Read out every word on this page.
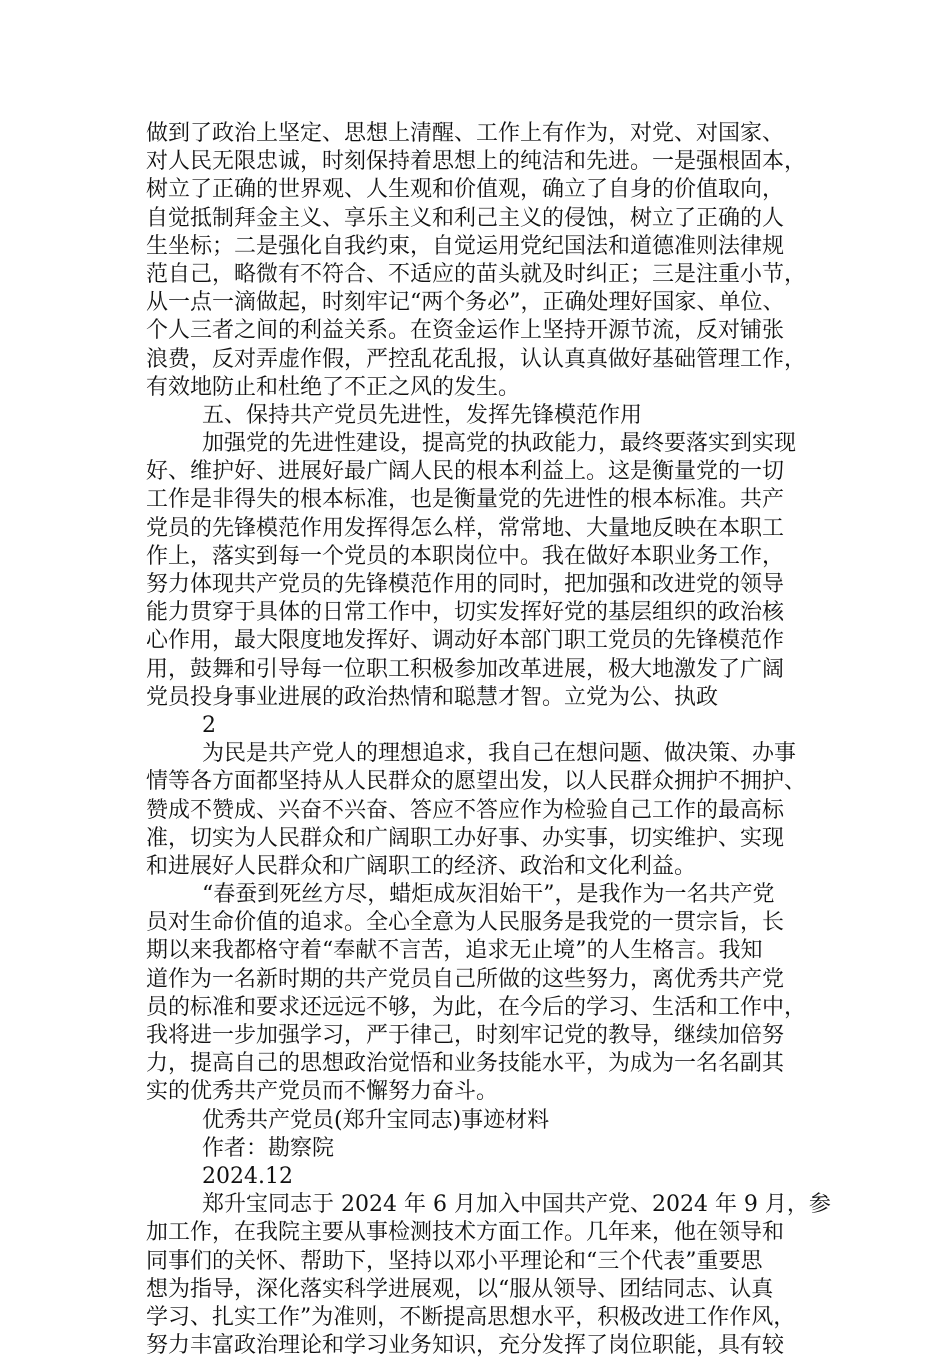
做到了政治上坚定、思想上清醒、工作上有作为，对党、对国家、
对人民无限忠诚，时刻保持着思想上的纯洁和先进。一是强根固本，
树立了正确的世界观、人生观和价值观，确立了自身的价值取向，
自觉抵制拜金主义、享乐主义和利己主义的侵蚀，树立了正确的人
生坐标；二是强化自我约束，自觉运用党纪国法和道德准则法律规
范自己，略微有不符合、不适应的苗头就及时纠正；三是注重小节，
从一点一滴做起，时刻牢记“两个务必”，正确处理好国家、单位、
个人三者之间的利益关系。在资金运作上坚持开源节流，反对铺张
浪费，反对弄虚作假，严控乱花乱报，认认真真做好基础管理工作，
有效地防止和杜绝了不正之风的发生。
五、保持共产党员先进性，发挥先锋模范作用
加强党的先进性建设，提高党的执政能力，最终要落实到实现
好、维护好、进展好最广阔人民的根本利益上。这是衡量党的一切
工作是非得失的根本标准，也是衡量党的先进性的根本标准。共产
党员的先锋模范作用发挥得怎么样，常常地、大量地反映在本职工
作上，落实到每一个党员的本职岗位中。我在做好本职业务工作，
努力体现共产党员的先锋模范作用的同时，把加强和改进党的领导
能力贯穿于具体的日常工作中，切实发挥好党的基层组织的政治核
心作用，最大限度地发挥好、调动好本部门职工党员的先锋模范作
用，鼓舞和引导每一位职工积极参加改革进展，极大地激发了广阔
党员投身事业进展的政治热情和聪慧才智。立党为公、执政
2
为民是共产党人的理想追求，我自己在想问题、做决策、办事
情等各方面都坚持从人民群众的愿望出发，以人民群众拥护不拥护、
赞成不赞成、兴奋不兴奋、答应不答应作为检验自己工作的最高标
准，切实为人民群众和广阔职工办好事、办实事，切实维护、实现
和进展好人民群众和广阔职工的经济、政治和文化利益。
“春蚕到死丝方尽，蜡炬成灰泪始干”，是我作为一名共产党
员对生命价值的追求。全心全意为人民服务是我党的一贯宗旨，长
期以来我都格守着“奉献不言苦，追求无止境”的人生格言。我知
道作为一名新时期的共产党员自己所做的这些努力，离优秀共产党
员的标准和要求还远远不够，为此，在今后的学习、生活和工作中，
我将进一步加强学习，严于律己，时刻牢记党的教导，继续加倍努
力，提高自己的思想政治觉悟和业务技能水平，为成为一名名副其
实的优秀共产党员而不懈努力奋斗。
优秀共产党员(郑升宝同志)事迹材料
作者：勘察院
2024.12
郑升宝同志于 2024 年 6 月加入中国共产党、2024 年 9 月，参
加工作，在我院主要从事检测技术方面工作。几年来，他在领导和
同事们的关怀、帮助下，坚持以邓小平理论和“三个代表”重要思
想为指导，深化落实科学进展观，以“服从领导、团结同志、认真
学习、扎实工作”为准则，不断提高思想水平，积极改进工作作风，
努力丰富政治理论和学习业务知识，充分发挥了岗位职能，具有较
